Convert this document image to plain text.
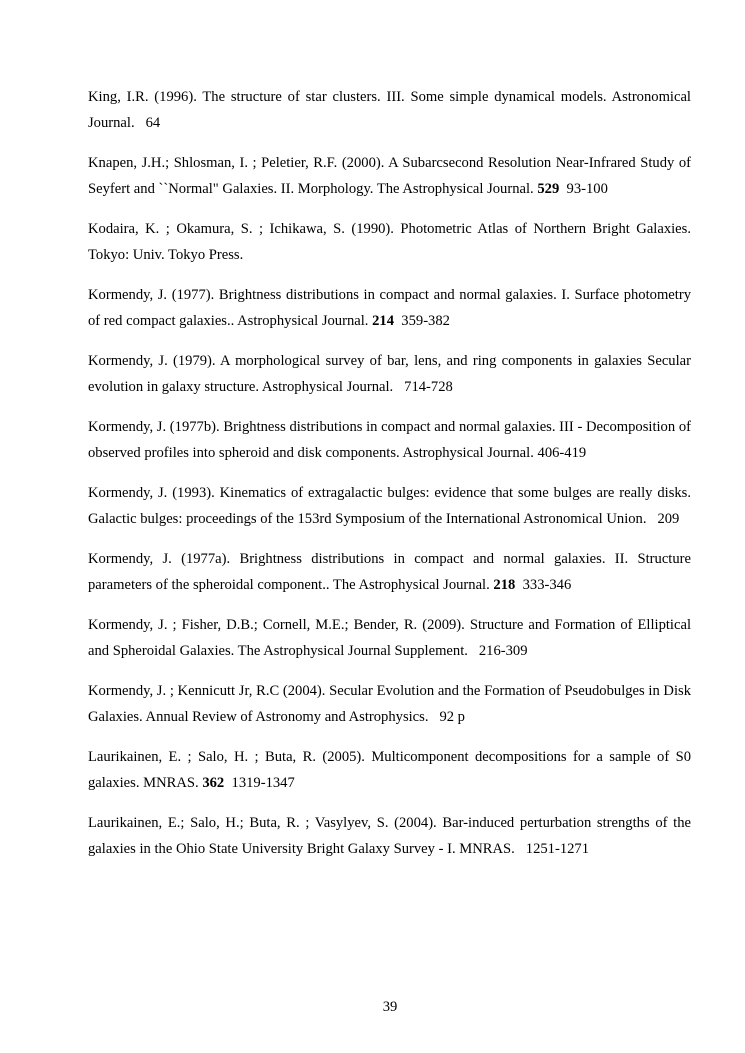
King, I.R. (1996). The structure of star clusters. III. Some simple dynamical models. Astronomical Journal. 64

Knapen, J.H.; Shlosman, I. ; Peletier, R.F. (2000). A Subarcsecond Resolution Near-Infrared Study of Seyfert and ``Normal" Galaxies. II. Morphology. The Astrophysical Journal. 529 93-100

Kodaira, K. ; Okamura, S. ; Ichikawa, S. (1990). Photometric Atlas of Northern Bright Galaxies. Tokyo: Univ. Tokyo Press.

Kormendy, J. (1977). Brightness distributions in compact and normal galaxies. I. Surface photometry of red compact galaxies.. Astrophysical Journal. 214 359-382

Kormendy, J. (1979). A morphological survey of bar, lens, and ring components in galaxies Secular evolution in galaxy structure. Astrophysical Journal. 714-728

Kormendy, J. (1977b). Brightness distributions in compact and normal galaxies. III - Decomposition of observed profiles into spheroid and disk components. Astrophysical Journal. 406-419

Kormendy, J. (1993). Kinematics of extragalactic bulges: evidence that some bulges are really disks. Galactic bulges: proceedings of the 153rd Symposium of the International Astronomical Union. 209

Kormendy, J. (1977a). Brightness distributions in compact and normal galaxies. II. Structure parameters of the spheroidal component.. The Astrophysical Journal. 218 333-346

Kormendy, J. ; Fisher, D.B.; Cornell, M.E.; Bender, R. (2009). Structure and Formation of Elliptical and Spheroidal Galaxies. The Astrophysical Journal Supplement. 216-309

Kormendy, J. ; Kennicutt Jr, R.C (2004). Secular Evolution and the Formation of Pseudobulges in Disk Galaxies. Annual Review of Astronomy and Astrophysics. 92 p

Laurikainen, E. ; Salo, H. ; Buta, R. (2005). Multicomponent decompositions for a sample of S0 galaxies. MNRAS. 362 1319-1347

Laurikainen, E.; Salo, H.; Buta, R. ; Vasylyev, S. (2004). Bar-induced perturbation strengths of the galaxies in the Ohio State University Bright Galaxy Survey - I. MNRAS. 1251-1271

39
